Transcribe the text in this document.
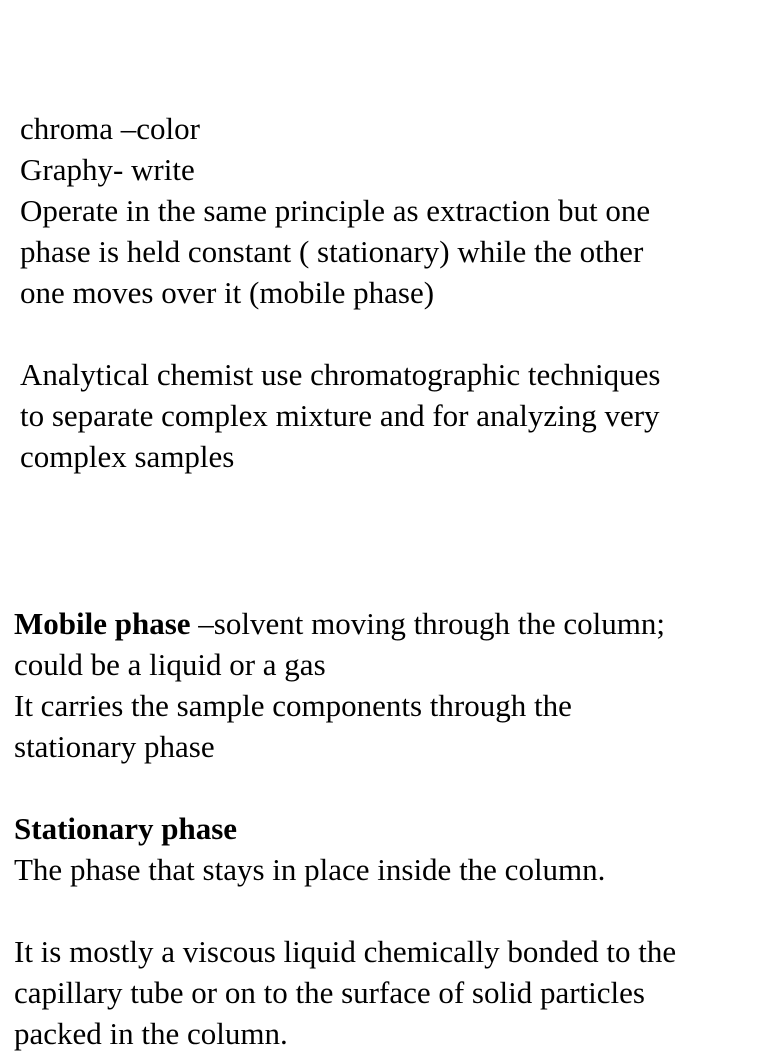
chroma –color

Graphy- write

Operate in the same principle as extraction but one

phase is held constant ( stationary) while the other

one moves over it (mobile phase)

Analytical chemist use chromatographic techniques

to separate complex mixture and for analyzing very

complex samples

Mobile phase –solvent moving through the column;

could be a liquid or a gas

It carries the sample components through the

stationary phase

Stationary phase

The phase that stays in place inside the column.

It is mostly a viscous liquid chemically bonded to the

capillary tube or on to the surface of solid particles

packed in the column.
